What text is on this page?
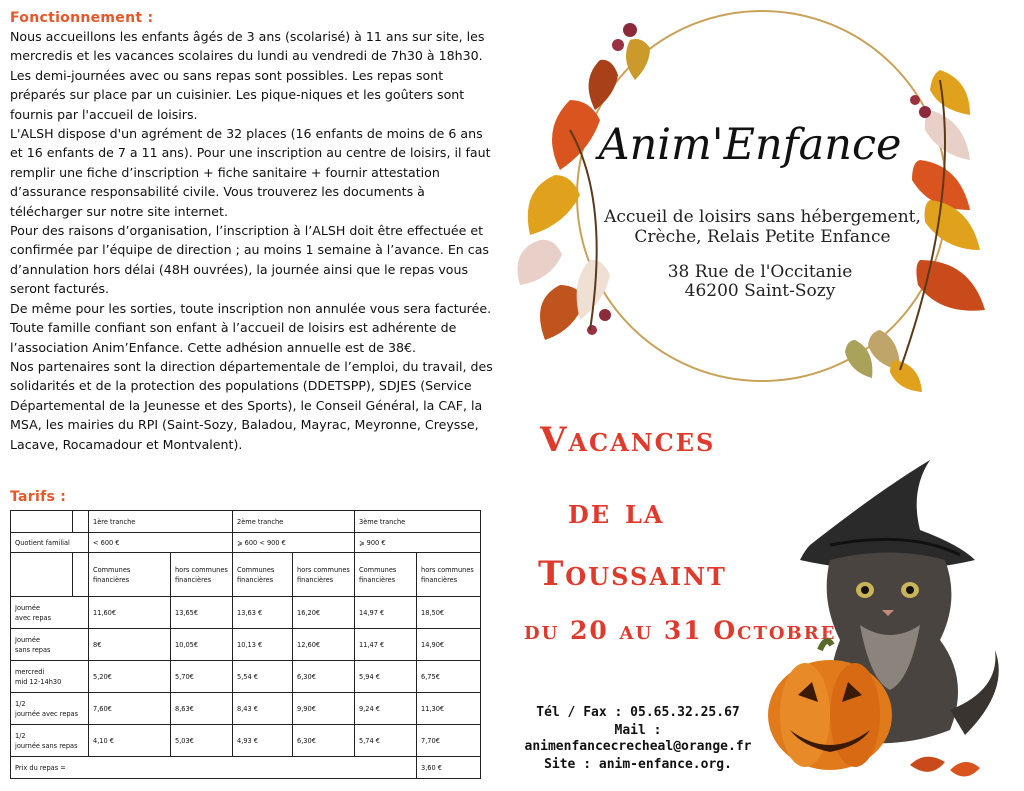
Fonctionnement :
Nous accueillons les enfants âgés de 3 ans (scolarisé) à 11 ans sur site, les mercredis et les vacances scolaires du lundi au vendredi de 7h30 à 18h30. Les demi-journées avec ou sans repas sont possibles. Les repas sont préparés sur place par un cuisinier. Les pique-niques et les goûters sont fournis par l'accueil de loisirs.
L'ALSH dispose d'un agrément de 32 places (16 enfants de moins de 6 ans et 16 enfants de 7 a 11 ans). Pour une inscription au centre de loisirs, il faut remplir une fiche d’inscription + fiche sanitaire + fournir attestation d’assurance responsabilité civile. Vous trouverez les documents à télécharger sur notre site internet.
Pour des raisons d’organisation, l’inscription à l’ALSH doit être effectuée et confirmée par l’équipe de direction ; au moins 1 semaine à l’avance. En cas d’annulation hors délai (48H ouvrées), la journée ainsi que le repas vous seront facturés.
De même pour les sorties, toute inscription non annulée vous sera facturée.
Toute famille confiant son enfant à l’accueil de loisirs est adhérente de l’association Anim’Enfance. Cette adhésion annuelle est de 38€.
Nos partenaires sont la direction départementale de l’emploi, du travail, des solidarités et de la protection des populations (DDETSPP), SDJES (Service Départemental de la Jeunesse et des Sports), le Conseil Général, la CAF, la MSA, les mairies du RPI (Saint-Sozy, Baladou, Mayrac, Meyronne, Creysse, Lacave, Rocamadour et Montvalent).
Tarifs :
		1ère tranche		2ème tranche		3ème tranche	
Quotient familial		< 600 €		⩾ 600 < 900 €		⩾ 900 €	
		Communes financières	hors communes financières	Communes financières	hors communes financières	Communes financières	hors communes financières
Journée
avec repas		11,60€	13,65€	13,63 €	16,20€	14,97 €	18,50€
Journée
sans repas		8€	10,05€	10,13 €	12,60€	11,47 €	14,90€
mercredi
mid 12-14h30		5,20€	5,70€	5,54 €	6,30€	5,94 €	6,75€
1/2
journée avec repas		7,60€	8,63€	8,43 €	9,90€	9,24 €	11,30€
1/2
journée sans repas		4,10 €	5,03€	4,93 €	6,30€	5,74 €	7,70€
Prix du repas =							3,60 €
Anim'Enfance
Accueil de loisirs sans hébergement,
Crèche, Relais Petite Enfance
38 Rue de l'Occitanie
46200 Saint-Sozy
Vacances
de la
Toussaint
du 20 au 31 Octobre
Tél / Fax : 05.65.32.25.67
Mail :
animenfancecrecheal@orange.fr
Site : anim-enfance.org.
